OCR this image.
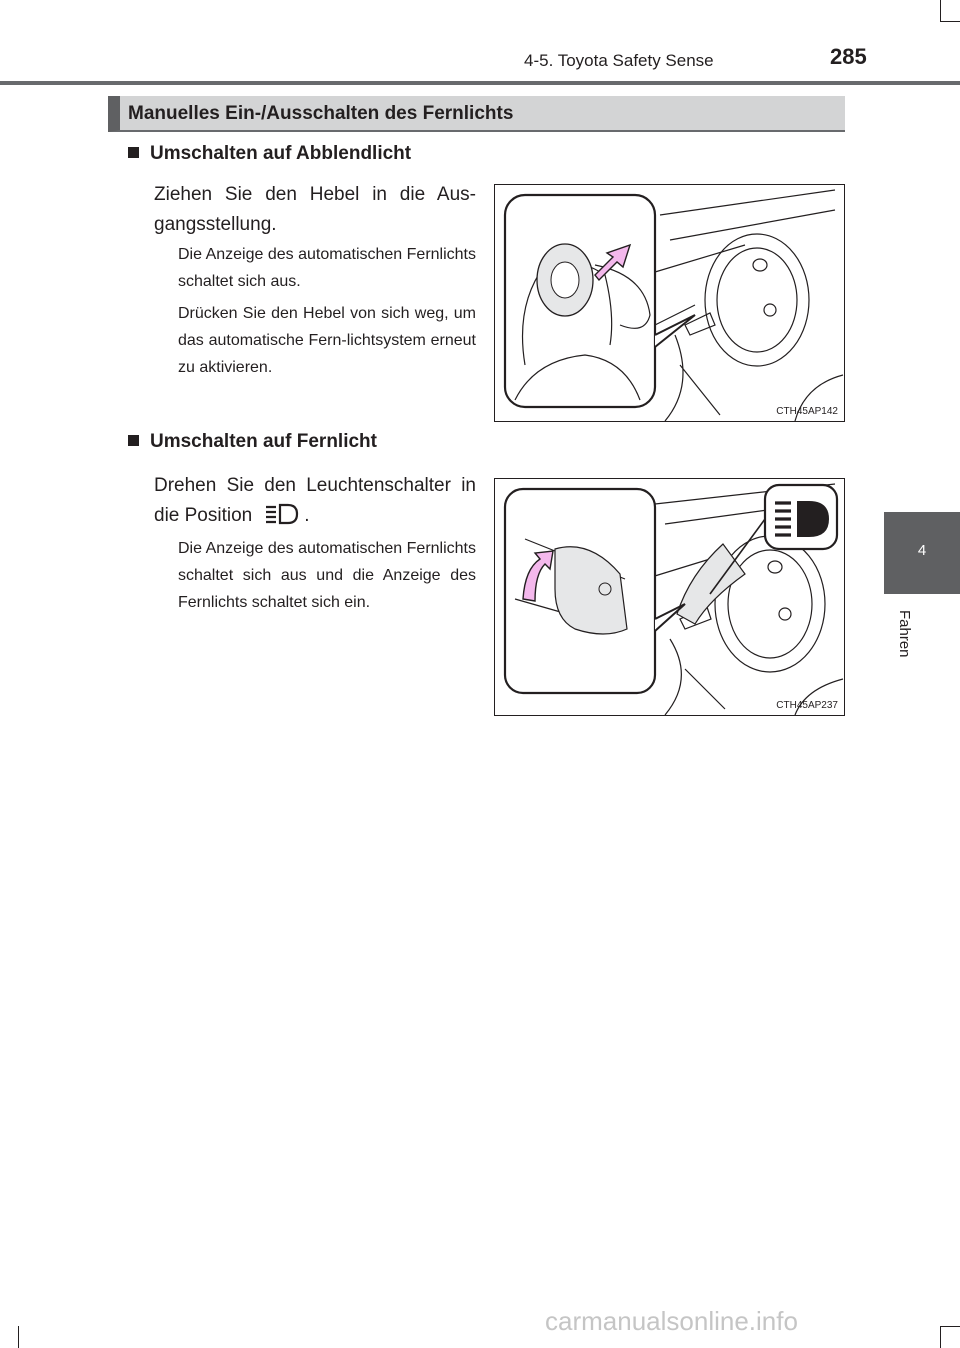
4-5. Toyota Safety Sense	285
4
Fahren
Manuelles Ein-/Ausschalten des Fernlichts
Umschalten auf Abblendlicht
Ziehen Sie den Hebel in die Aus-gangsstellung.
Die Anzeige des automatischen Fernlichts schaltet sich aus.
Drücken Sie den Hebel von sich weg, um das automatische Fern-lichtsystem erneut zu aktivieren.
CTH45AP142
Umschalten auf Fernlicht
Drehen Sie den Leuchtenschalter in die Position	.
Die Anzeige des automatischen Fernlichts schaltet sich aus und die Anzeige des Fernlichts schaltet sich ein.
CTH45AP237
carmanualsonline.info
